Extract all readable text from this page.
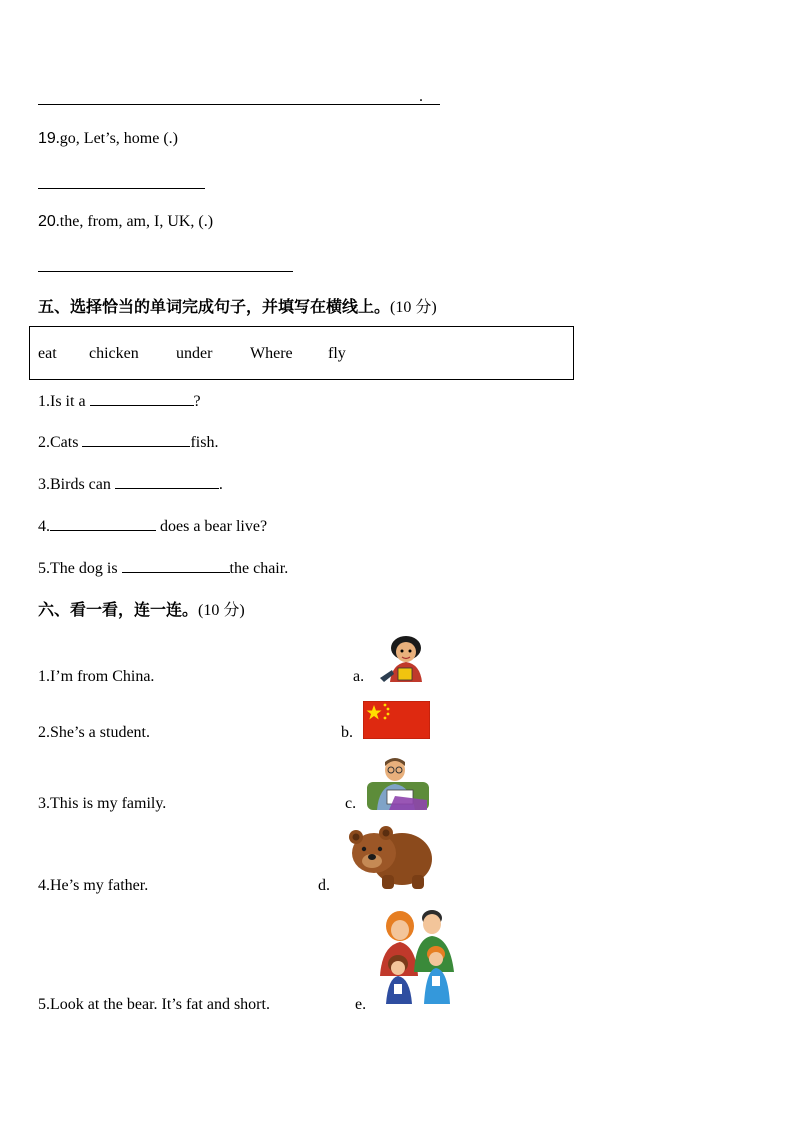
.
19.go, Let’s, home (.)
20.the, from, am, I, UK, (.)
五、选择恰当的单词完成句子，并填写在横线上。(10 分)
eat chicken under Where fly
1.Is it a	?
2.Cats	fish.
3.Birds can	.
4.	does a bear live?
5.The dog is	the chair.
六、看一看，连一连。(10 分)
1.I’m from China.	a.
2.She’s a student.	b.
3.This is my family.	c.
4.He’s my father.	d.
5.Look at the bear. It’s fat and short.	e.
